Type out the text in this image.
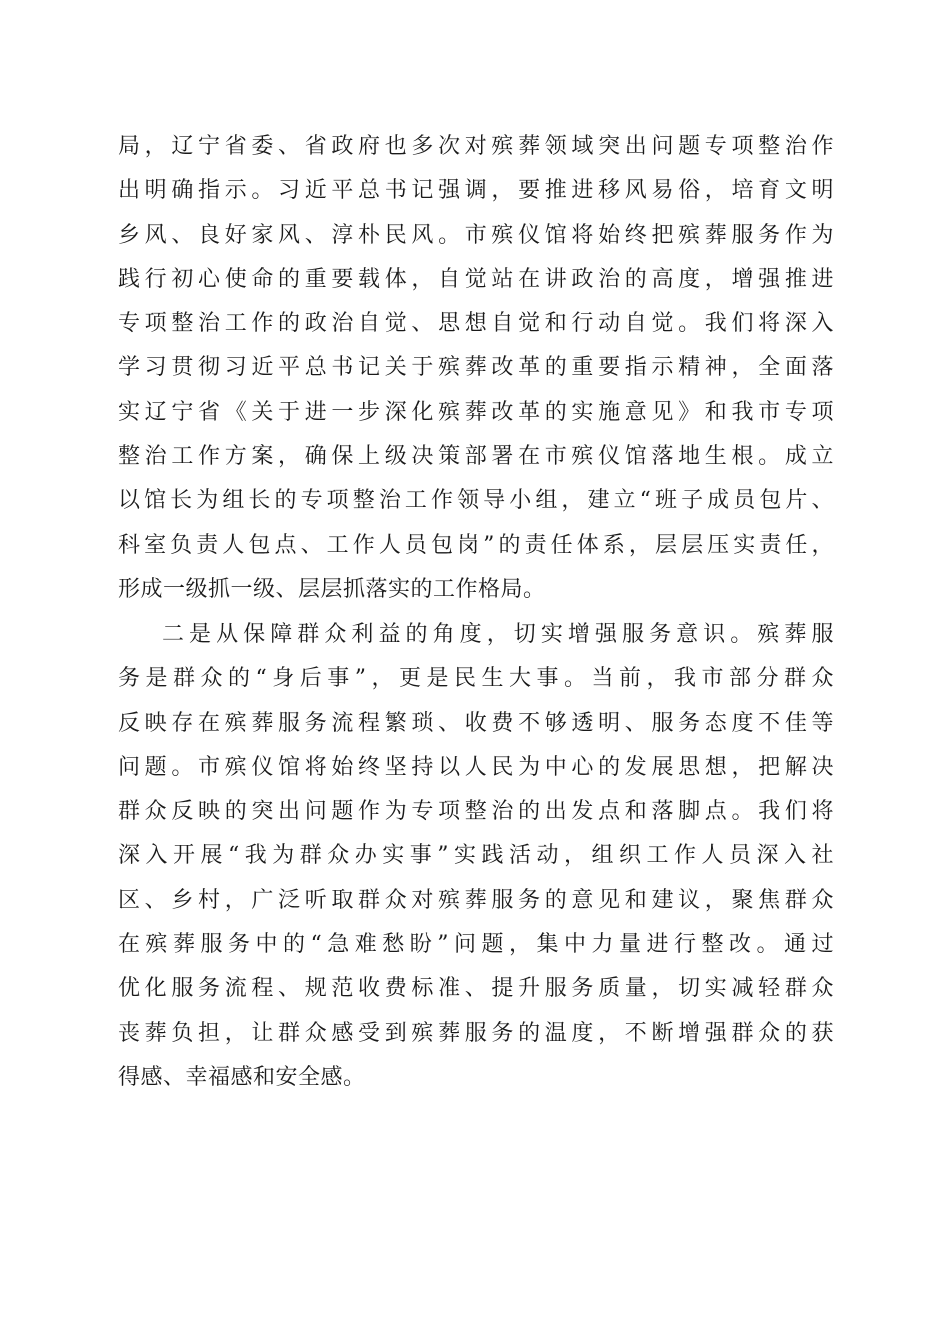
局，辽宁省委、省政府也多次对殡葬领域突出问题专项整治作
出明确指示。习近平总书记强调，要推进移风易俗，培育文明
乡风、良好家风、淳朴民风。市殡仪馆将始终把殡葬服务作为
践行初心使命的重要载体，自觉站在讲政治的高度，增强推进
专项整治工作的政治自觉、思想自觉和行动自觉。我们将深入
学习贯彻习近平总书记关于殡葬改革的重要指示精神，全面落
实辽宁省《关于进一步深化殡葬改革的实施意见》和我市专项
整治工作方案，确保上级决策部署在市殡仪馆落地生根。成立
以馆长为组长的专项整治工作领导小组，建立“班子成员包片、
科室负责人包点、工作人员包岗”的责任体系，层层压实责任，
形成一级抓一级、层层抓落实的工作格局。
二是从保障群众利益的角度，切实增强服务意识。殡葬服
务是群众的“身后事”，更是民生大事。当前，我市部分群众
反映存在殡葬服务流程繁琐、收费不够透明、服务态度不佳等
问题。市殡仪馆将始终坚持以人民为中心的发展思想，把解决
群众反映的突出问题作为专项整治的出发点和落脚点。我们将
深入开展“我为群众办实事”实践活动，组织工作人员深入社
区、乡村，广泛听取群众对殡葬服务的意见和建议，聚焦群众
在殡葬服务中的“急难愁盼”问题，集中力量进行整改。通过
优化服务流程、规范收费标准、提升服务质量，切实减轻群众
丧葬负担，让群众感受到殡葬服务的温度，不断增强群众的获
得感、幸福感和安全感。
